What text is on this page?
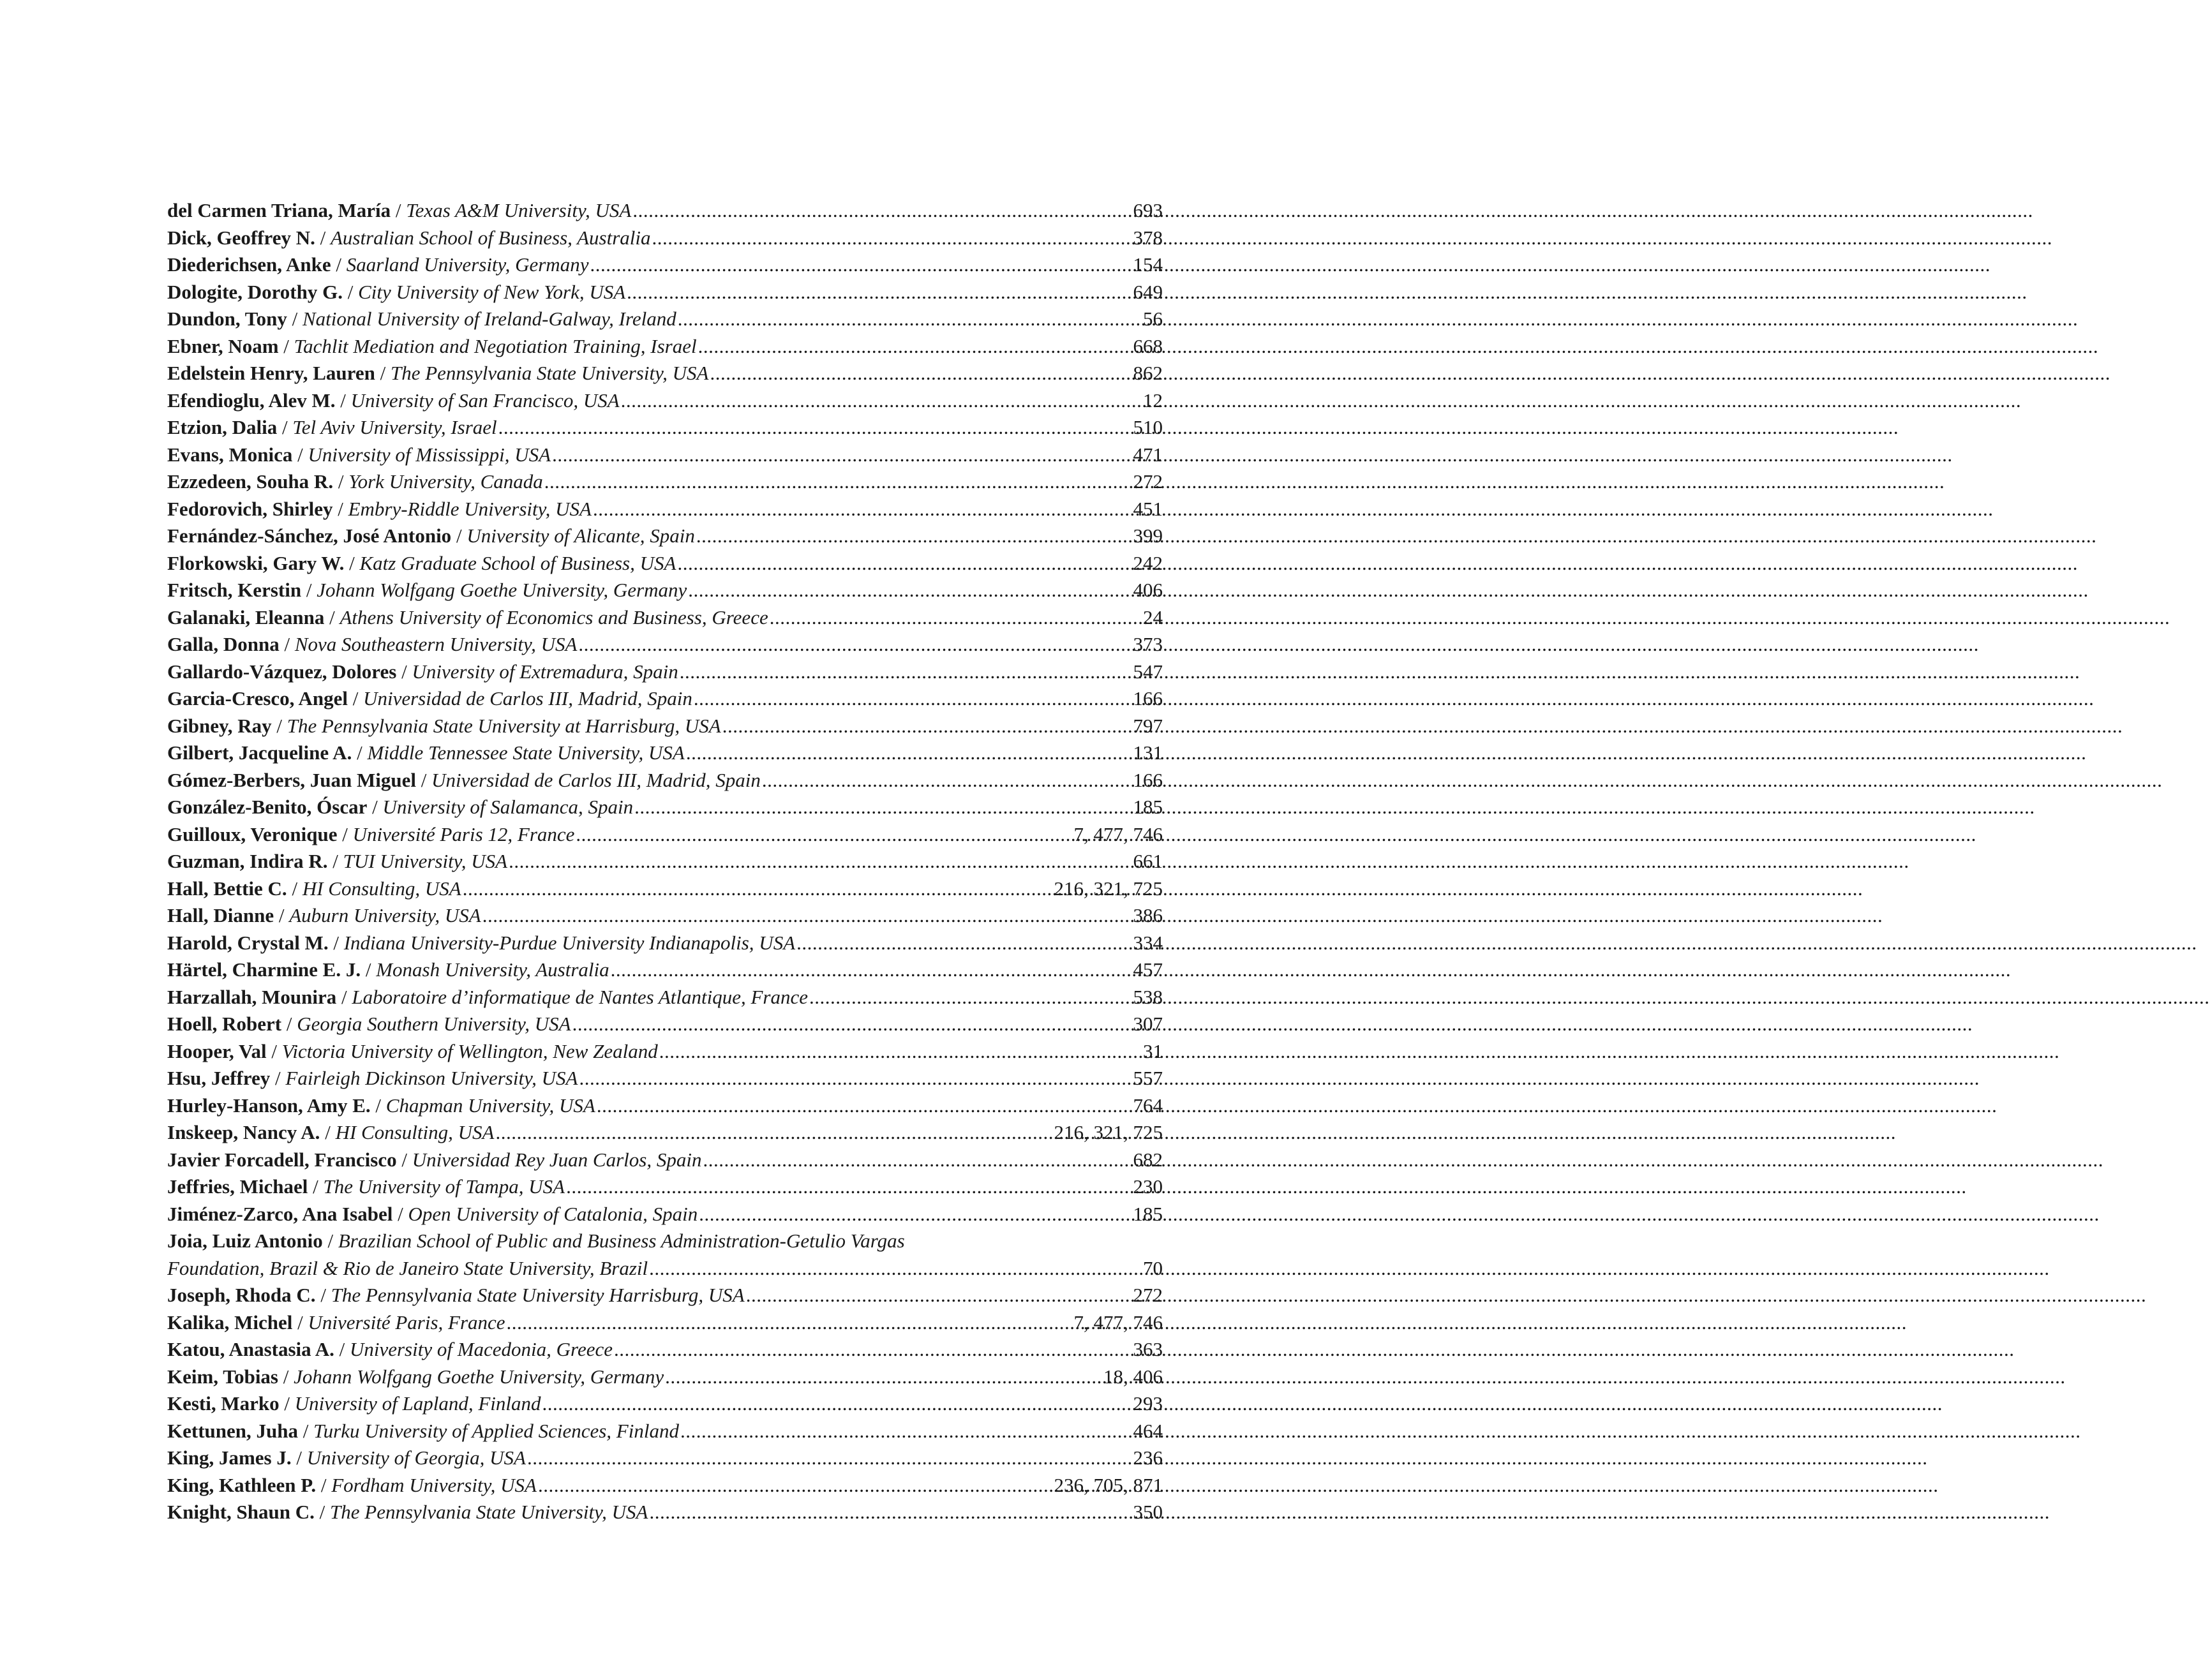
del Carmen Triana, María / Texas A&M University, USA .....	693
Dick, Geoffrey N. / Australian School of Business, Australia .....	378
Diederichsen, Anke / Saarland University, Germany .....	154
Dologite, Dorothy G. / City University of New York, USA .....	649
Dundon, Tony / National University of Ireland-Galway, Ireland .....	56
Ebner, Noam / Tachlit Mediation and Negotiation Training, Israel .....	668
Edelstein Henry, Lauren / The Pennsylvania State University, USA .....	862
Efendioglu, Alev M. / University of San Francisco, USA .....	12
Etzion, Dalia / Tel Aviv University, Israel .....	510
Evans, Monica / University of Mississippi, USA .....	471
Ezzedeen, Souha R. / York University, Canada .....	272
Fedorovich, Shirley / Embry-Riddle University, USA .....	451
Fernández-Sánchez, José Antonio / University of Alicante, Spain .....	399
Florkowski, Gary W. / Katz Graduate School of Business, USA .....	242
Fritsch, Kerstin / Johann Wolfgang Goethe University, Germany .....	406
Galanaki, Eleanna / Athens University of Economics and Business, Greece .....	24
Galla, Donna / Nova Southeastern University, USA .....	373
Gallardo-Vázquez, Dolores / University of Extremadura, Spain .....	547
Garcia-Cresco, Angel / Universidad de Carlos III, Madrid, Spain .....	166
Gibney, Ray / The Pennsylvania State University at Harrisburg, USA .....	797
Gilbert, Jacqueline A. / Middle Tennessee State University, USA .....	131
Gómez-Berbers, Juan Miguel / Universidad de Carlos III, Madrid, Spain .....	166
González-Benito, Óscar / University of Salamanca, Spain .....	185
Guilloux, Veronique / Université Paris 12, France .....	7, 477, 746
Guzman, Indira R. / TUI University, USA .....	661
Hall, Bettie C. / HI Consulting, USA .....	216, 321, 725
Hall, Dianne / Auburn University, USA .....	386
Harold, Crystal M. / Indiana University-Purdue University Indianapolis, USA .....	334
Härtel, Charmine E. J. / Monash University, Australia .....	457
Harzallah, Mounira / Laboratoire d’informatique de Nantes Atlantique, France .....	538
Hoell, Robert / Georgia Southern University, USA .....	307
Hooper, Val / Victoria University of Wellington, New Zealand .....	31
Hsu, Jeffrey / Fairleigh Dickinson University, USA .....	557
Hurley-Hanson, Amy E. / Chapman University, USA .....	764
Inskeep, Nancy A. / HI Consulting, USA .....	216, 321, 725
Javier Forcadell, Francisco / Universidad Rey Juan Carlos, Spain .....	682
Jeffries, Michael / The University of Tampa, USA .....	230
Jiménez-Zarco, Ana Isabel / Open University of Catalonia, Spain .....	185
Joia, Luiz Antonio / Brazilian School of Public and Business Administration-Getulio Vargas
Foundation, Brazil & Rio de Janeiro State University, Brazil .....	70
Joseph, Rhoda C. / The Pennsylvania State University Harrisburg, USA .....	272
Kalika, Michel / Université Paris, France .....	7, 477, 746
Katou, Anastasia A. / University of Macedonia, Greece .....	363
Keim, Tobias / Johann Wolfgang Goethe University, Germany .....	18, 406
Kesti, Marko / University of Lapland, Finland .....	293
Kettunen, Juha / Turku University of Applied Sciences, Finland .....	464
King, James J. / University of Georgia, USA .....	236
King, Kathleen P. / Fordham University, USA .....	236, 705, 871
Knight, Shaun C. / The Pennsylvania State University, USA .....	350
